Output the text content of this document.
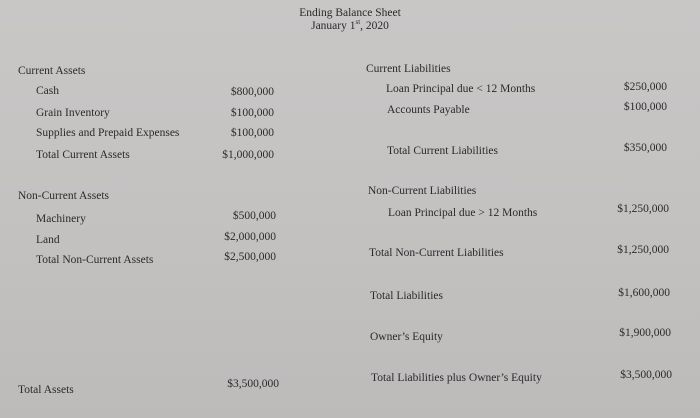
Ending Balance Sheet
January 1st, 2020
Current Assets
Cash	$800,000
Grain Inventory	$100,000
Supplies and Prepaid Expenses	$100,000
Total Current Assets	$1,000,000
Current Liabilities
Loan Principal due < 12 Months	$250,000
Accounts Payable	$100,000
Total Current Liabilities	$350,000
Non-Current Assets
Machinery	$500,000
Land	$2,000,000
Total Non-Current Assets	$2,500,000
Non-Current Liabilities
Loan Principal due > 12 Months	$1,250,000
Total Non-Current Liabilities	$1,250,000
Total Liabilities	$1,600,000
Owner’s Equity	$1,900,000
Total Liabilities plus Owner’s Equity	$3,500,000
Total Assets	$3,500,000
